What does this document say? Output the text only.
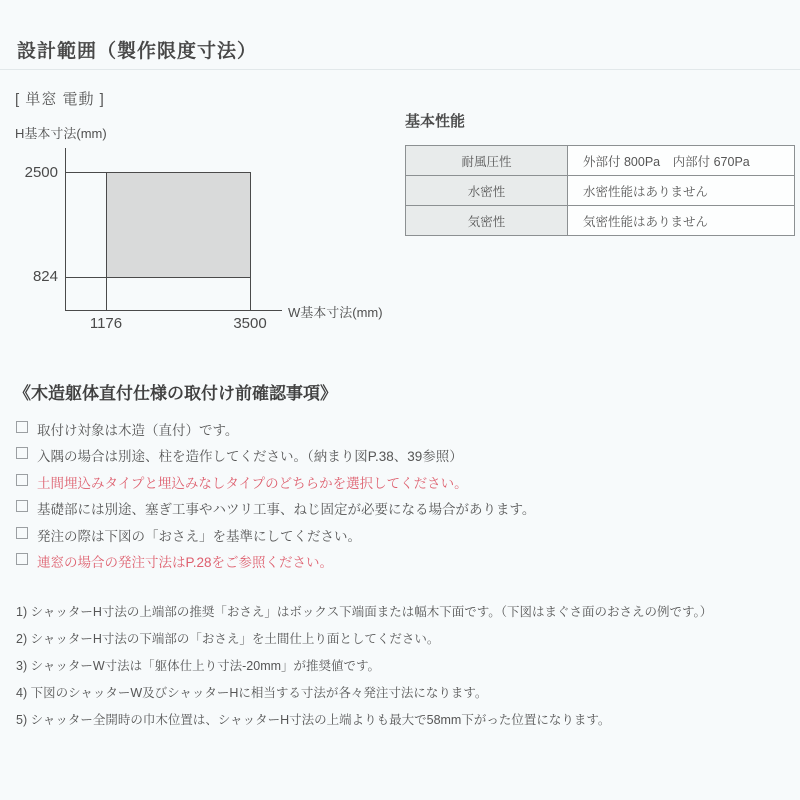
設計範囲（製作限度寸法）
[ 単窓 電動 ]
H基本寸法(mm)
2500
824
1176	3500
W基本寸法(mm)
基本性能
耐風圧性	外部付 800Pa　内部付 670Pa
水密性	水密性能はありません
気密性	気密性能はありません
《木造躯体直付仕様の取付け前確認事項》
取付け対象は木造（直付）です。
入隅の場合は別途、柱を造作してください。（納まり図P.38、39参照）
土間埋込みタイプと埋込みなしタイプのどちらかを選択してください。
基礎部には別途、塞ぎ工事やハツリ工事、ねじ固定が必要になる場合があります。
発注の際は下図の「おさえ」を基準にしてください。
連窓の場合の発注寸法はP.28をご参照ください。
1) シャッターH寸法の上端部の推奨「おさえ」はボックス下端面または幅木下面です。（下図はまぐさ面のおさえの例です。）
2) シャッターH寸法の下端部の「おさえ」を土間仕上り面としてください。
3) シャッターW寸法は「躯体仕上り寸法-20mm」が推奨値です。
4) 下図のシャッターW及びシャッターHに相当する寸法が各々発注寸法になります。
5) シャッター全開時の巾木位置は、シャッターH寸法の上端よりも最大で58mm下がった位置になります。
